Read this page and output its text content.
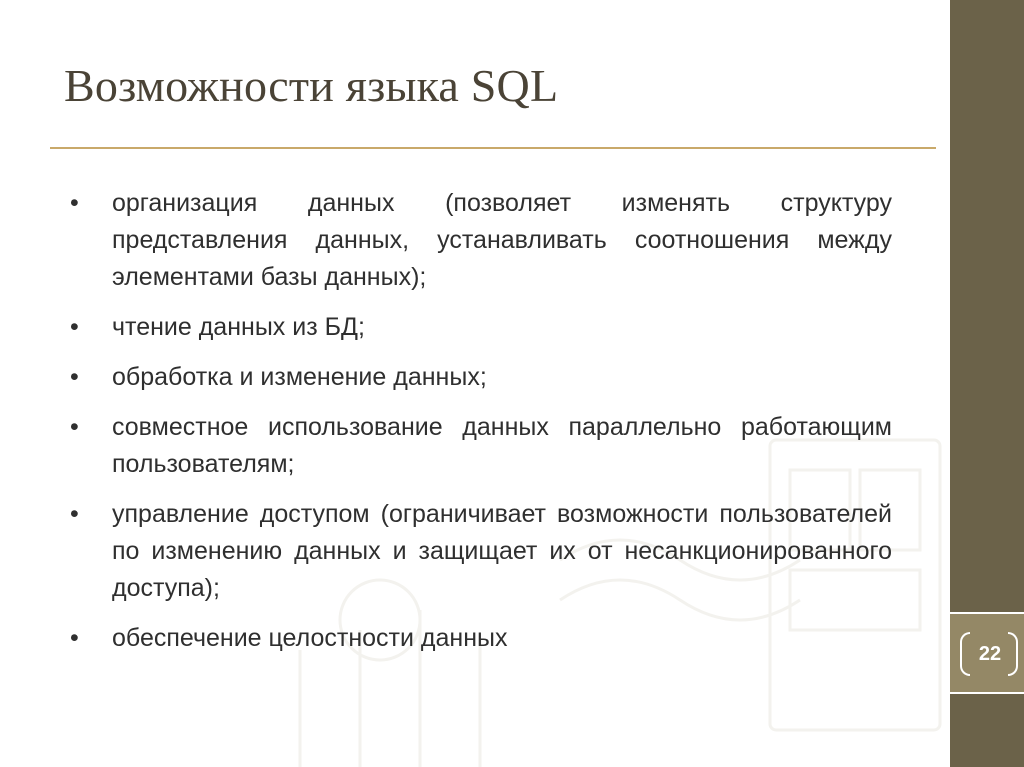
Возможности языка SQL
•	организация данных (позволяет изменять структуру представления данных, устанавливать соотношения между элементами базы данных);
•	чтение данных из БД;
•	обработка и изменение данных;
•	совместное использование данных параллельно работающим пользователям;
•	управление доступом (ограничивает возможности пользователей по изменению данных и защищает их от несанкционированного доступа);
•	обеспечение целостности данных
22
